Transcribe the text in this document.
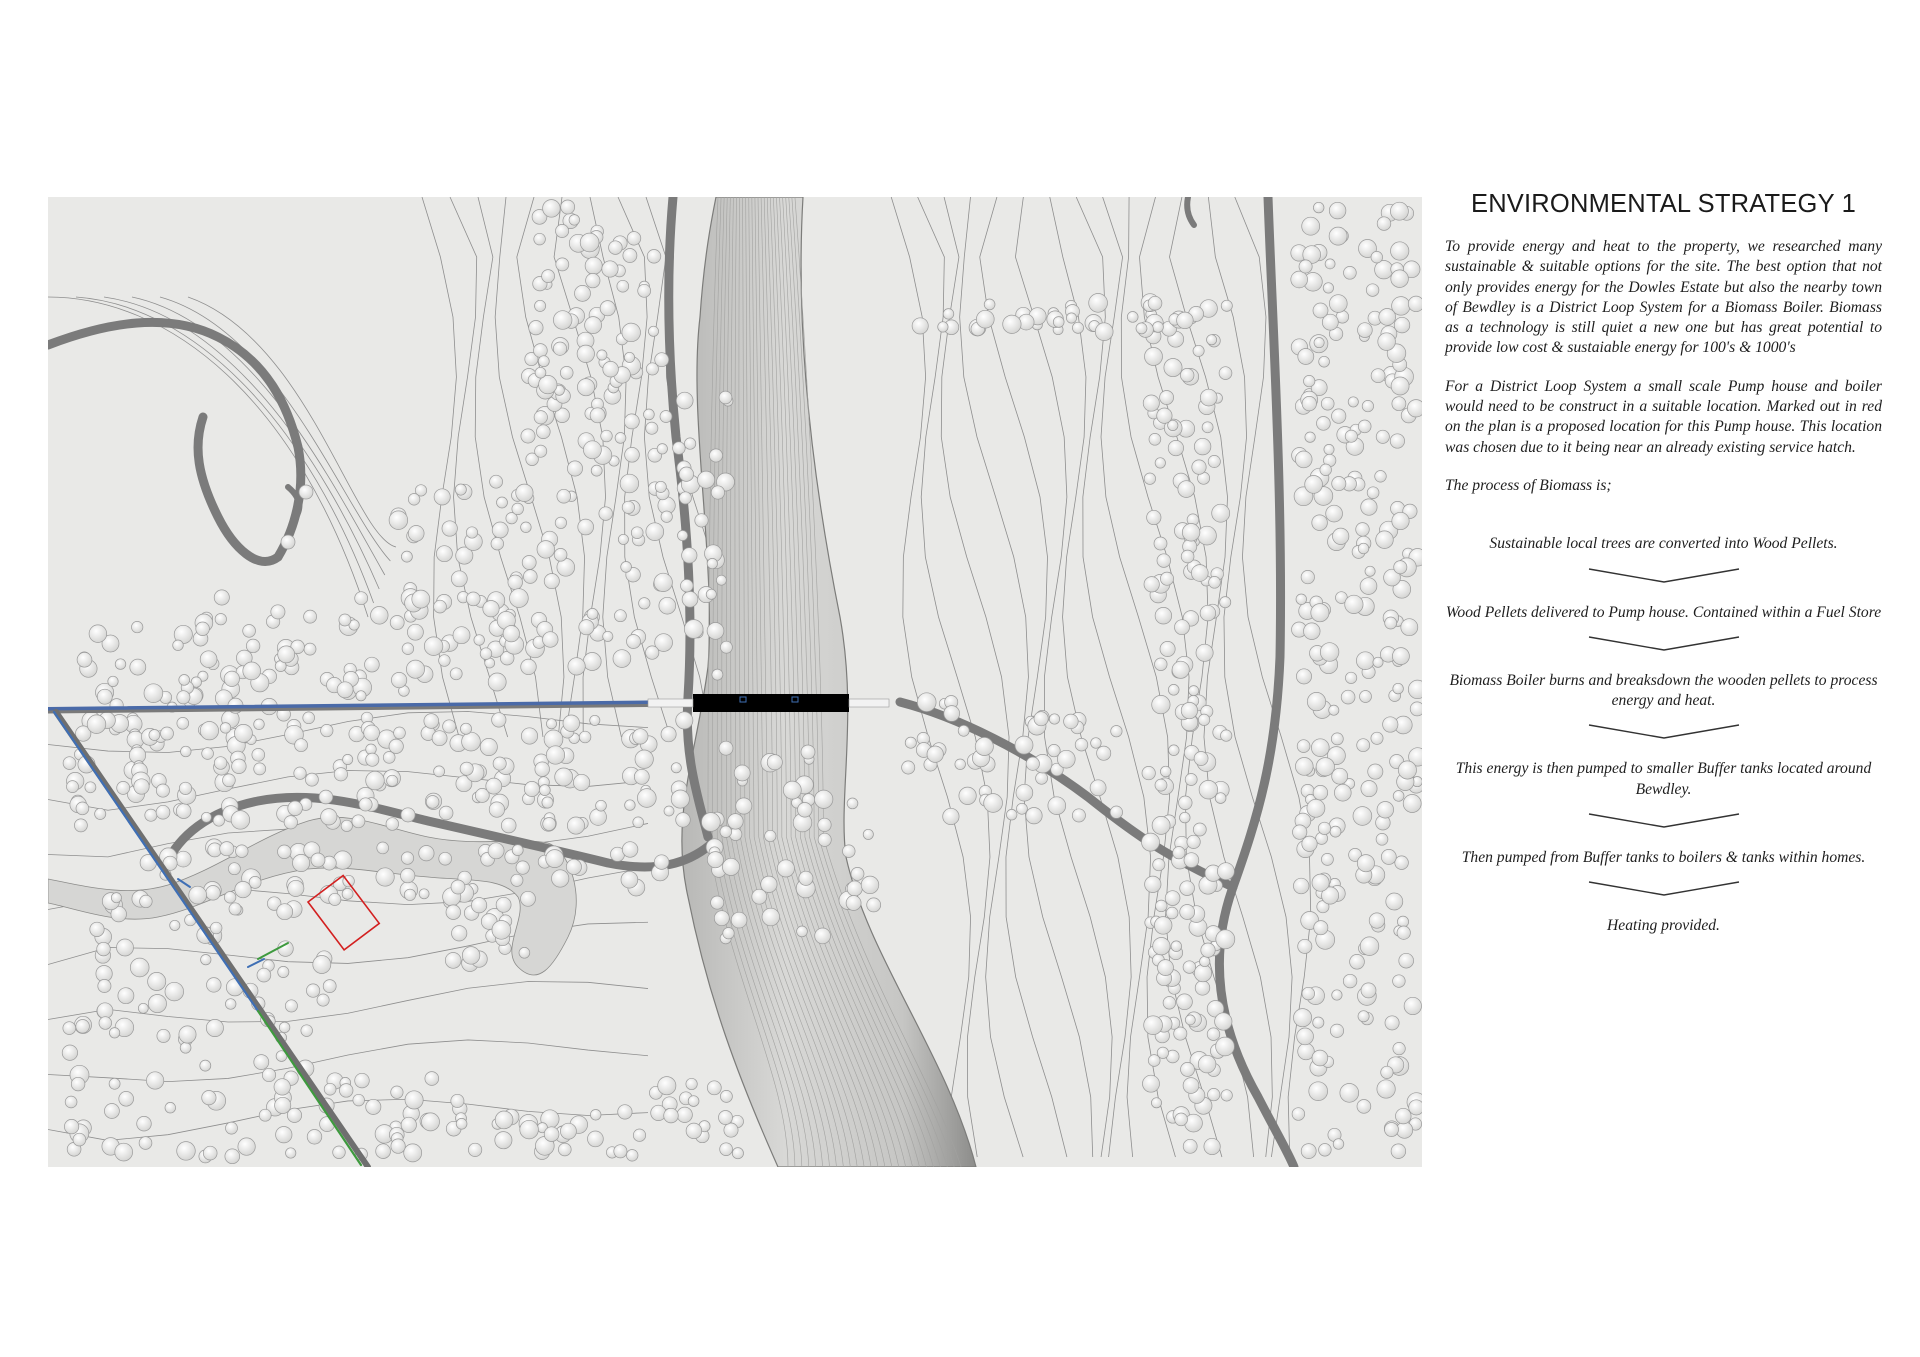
ENVIRONMENTAL STRATEGY 1

To provide energy and heat to the property, we researched many sustainable & suitable options for the site. The best option that not only provides energy for the Dowles Estate but also the nearby town of Bewdley is a District Loop System for a Biomass Boiler. Biomass as a technology is still quiet a new one but has great potential to provide low cost & sustaiable energy for 100's & 1000's

For a District Loop System a small scale Pump house and boiler would need to be construct in a suitable location. Marked out in red on the plan is a proposed location for this Pump house. This location was chosen due to it being near an already existing service hatch.

The process of Biomass is;

Sustainable local trees are converted into Wood Pellets.
Wood Pellets delivered to Pump house. Contained within a Fuel Store
Biomass Boiler burns and breaksdown the wooden pellets to process energy and heat.
This energy is then pumped to smaller Buffer tanks located around Bewdley.
Then pumped from Buffer tanks to boilers & tanks within homes.
Heating provided.
